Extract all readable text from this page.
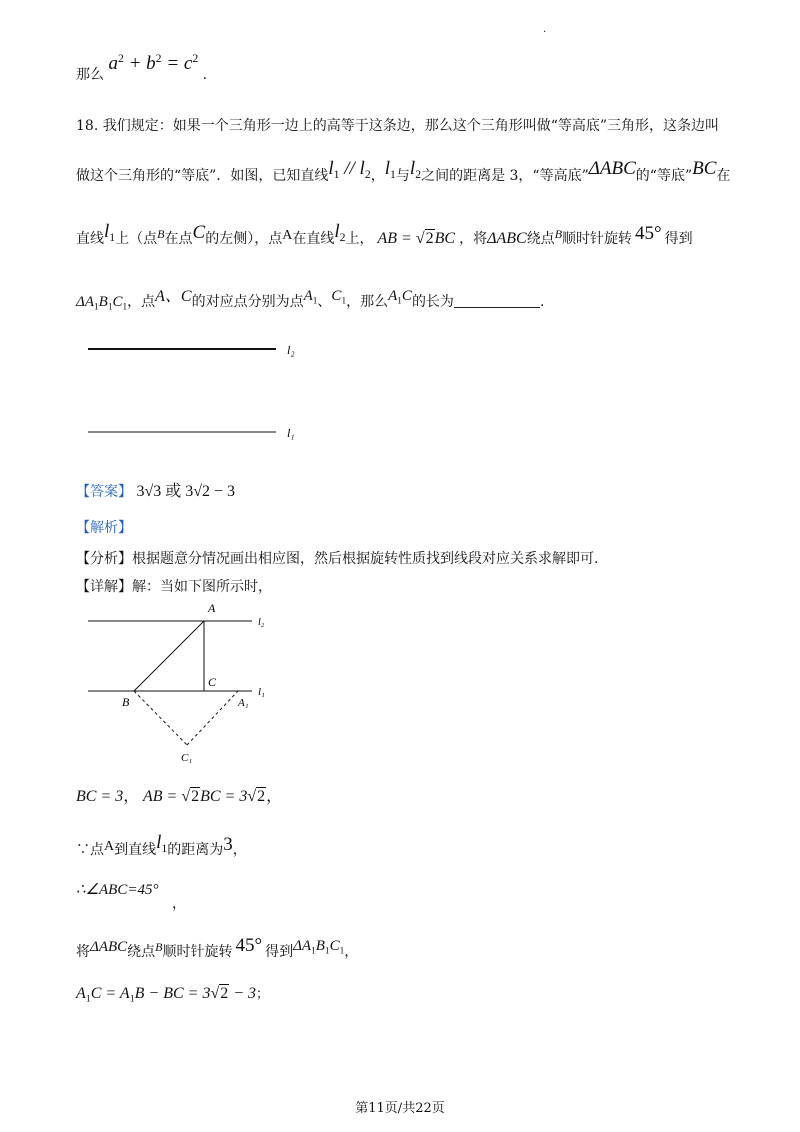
.
那么 $a^2 + b^2 = c^2$ .
18. 我们规定：如果一个三角形一边上的高等于这条边，那么这个三角形叫做“等高底”三角形，这条边叫
做这个三角形的“等底”．如图，已知直线$l_1 // l_2$，$l_1$与$l_2$之间的距离是 3，“等高底”ΔABC的“等底”BC在
直线$l_1$上（点B在点C的左侧），点A在直线$l_2$上， AB = √2BC ，将ΔABC绕点B顺时针旋转 45° 得到
$\Delta A_1B_1C_1$，点A、C的对应点分别为点$A_1$、$C_1$，那么$A_1C$的长为	.
l₂
l₁
【答案】 3√3 或 3√2 − 3
【解析】
【分析】根据题意分情况画出相应图，然后根据旋转性质找到线段对应关系求解即可.
【详解】解：当如下图所示时，
A
l₂
C
l₁
B	A₁
C₁
BC = 3， AB = √2BC = 3√2，
∵点A到直线$l_1$的距离为3，
∴∠ABC=45°
，
将ΔABC绕点B顺时针旋转 45° 得到$\Delta A_1B_1C_1$，
$A_1C = A_1B$ − BC = 3√2 − 3；
第11页/共22页
